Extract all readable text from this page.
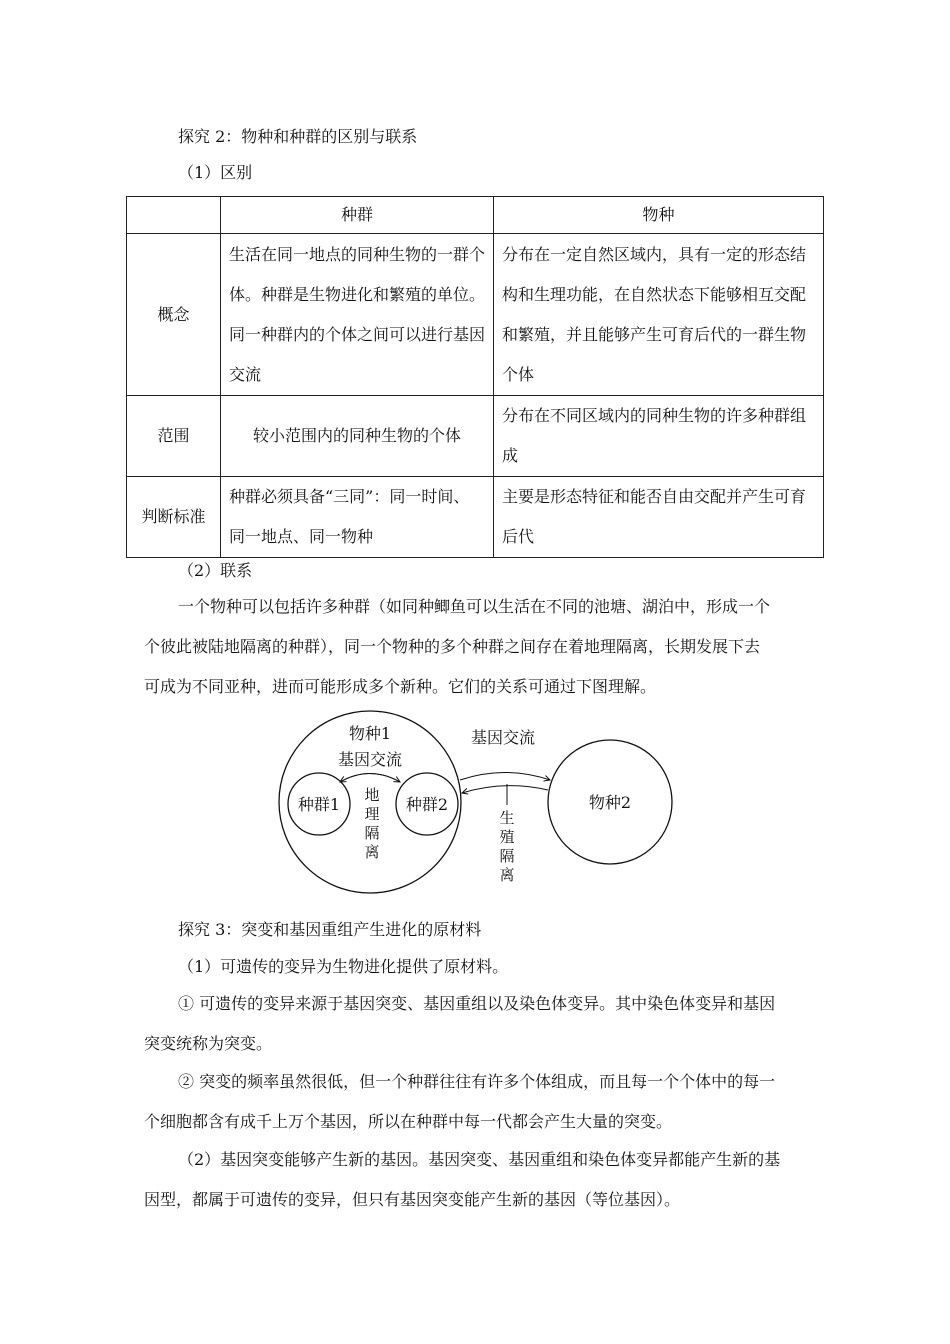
探究 2：物种和种群的区别与联系
（1）区别
	种群	物种
概念	生活在同一地点的同种生物的一群个体。种群是生物进化和繁殖的单位。同一种群内的个体之间可以进行基因交流	分布在一定自然区域内，具有一定的形态结构和生理功能，在自然状态下能够相互交配和繁殖，并且能够产生可育后代的一群生物个体
范围	较小范围内的同种生物的个体	分布在不同区域内的同种生物的许多种群组成
判断标准	种群必须具备“三同”：同一时间、同一地点、同一物种	主要是形态特征和能否自由交配并产生可育后代
（2）联系
一个物种可以包括许多种群（如同种鲫鱼可以生活在不同的池塘、湖泊中，形成一个
个彼此被陆地隔离的种群），同一个物种的多个种群之间存在着地理隔离，长期发展下去
可成为不同亚种，进而可能形成多个新种。它们的关系可通过下图理解。
物种1
基因交流
种群1	种群2
地
理
隔
离
基因交流
生
殖
隔
离
物种2
探究 3：突变和基因重组产生进化的原材料
（1）可遗传的变异为生物进化提供了原材料。
① 可遗传的变异来源于基因突变、基因重组以及染色体变异。其中染色体变异和基因
突变统称为突变。
② 突变的频率虽然很低，但一个种群往往有许多个体组成，而且每一个个体中的每一
个细胞都含有成千上万个基因，所以在种群中每一代都会产生大量的突变。
（2）基因突变能够产生新的基因。基因突变、基因重组和染色体变异都能产生新的基
因型，都属于可遗传的变异，但只有基因突变能产生新的基因（等位基因）。
